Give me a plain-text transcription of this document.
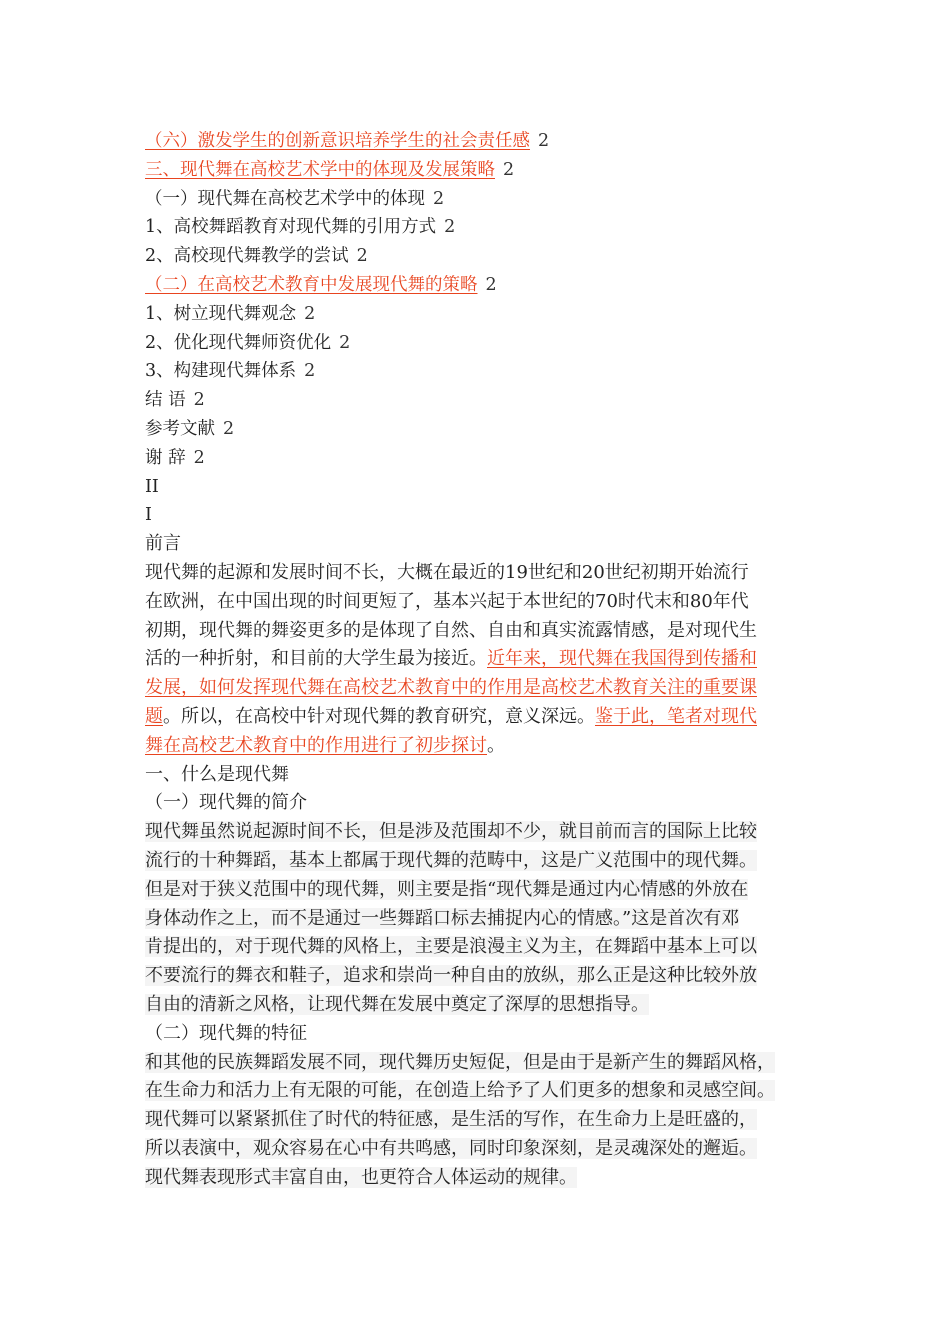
（六）激发学生的创新意识培养学生的社会责任感 2
三、现代舞在高校艺术学中的体现及发展策略 2
（一）现代舞在高校艺术学中的体现 2
1、高校舞蹈教育对现代舞的引用方式 2
2、高校现代舞教学的尝试 2
（二）在高校艺术教育中发展现代舞的策略 2
1、树立现代舞观念 2
2、优化现代舞师资优化 2
3、构建现代舞体系 2
结 语 2
参考文献 2
谢 辞 2
II
I
前言
现代舞的起源和发展时间不长，大概在最近的19世纪和20世纪初期开始流行
在欧洲，在中国出现的时间更短了，基本兴起于本世纪的70时代末和80年代
初期，现代舞的舞姿更多的是体现了自然、自由和真实流露情感，是对现代生
活的一种折射，和目前的大学生最为接近。近年来，现代舞在我国得到传播和
发展，如何发挥现代舞在高校艺术教育中的作用是高校艺术教育关注的重要课
题。所以，在高校中针对现代舞的教育研究，意义深远。鉴于此，笔者对现代
舞在高校艺术教育中的作用进行了初步探讨。
一、什么是现代舞
（一）现代舞的简介
现代舞虽然说起源时间不长，但是涉及范围却不少，就目前而言的国际上比较
流行的十种舞蹈，基本上都属于现代舞的范畴中，这是广义范围中的现代舞。
但是对于狭义范围中的现代舞，则主要是指“现代舞是通过内心情感的外放在
身体动作之上，而不是通过一些舞蹈口标去捕捉内心的情感。”这是首次有邓
肯提出的，对于现代舞的风格上，主要是浪漫主义为主，在舞蹈中基本上可以
不要流行的舞衣和鞋子，追求和崇尚一种自由的放纵，那么正是这种比较外放
自由的清新之风格，让现代舞在发展中奠定了深厚的思想指导。
（二）现代舞的特征
和其他的民族舞蹈发展不同，现代舞历史短促，但是由于是新产生的舞蹈风格，
在生命力和活力上有无限的可能，在创造上给予了人们更多的想象和灵感空间。
现代舞可以紧紧抓住了时代的特征感，是生活的写作，在生命力上是旺盛的，
所以表演中，观众容易在心中有共鸣感，同时印象深刻，是灵魂深处的邂逅。
现代舞表现形式丰富自由，也更符合人体运动的规律。
